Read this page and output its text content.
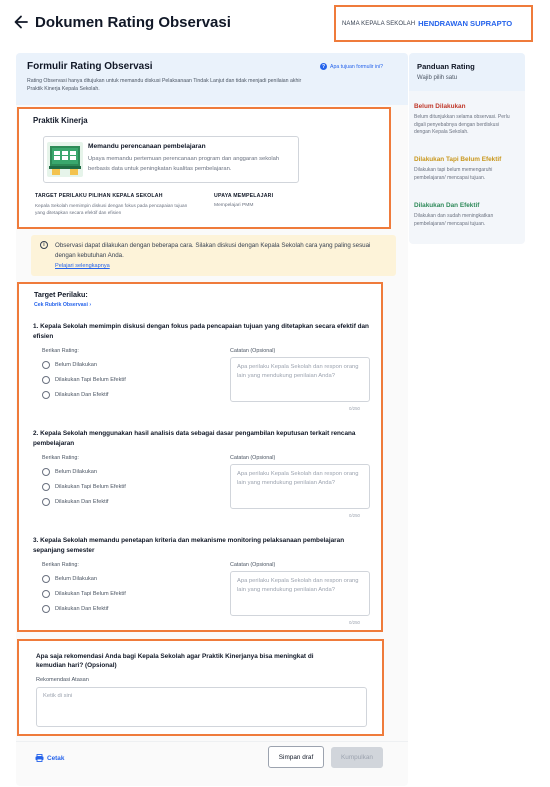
Dokumen Rating Observasi	NAMA KEPALA SEKOLAH HENDRAWAN SUPRAPTO
Formulir Rating Observasi
Rating Observasi hanya ditujukan untuk memandu diskusi Pelaksanaan Tindak Lanjut dan tidak menjadi penilaian akhir Praktik Kinerja Kepala Sekolah.
? Apa tujuan formulir ini?
Praktik Kinerja
Memandu perencanaan pembelajaran
Upaya memandu pertemuan perencanaan program dan anggaran sekolah berbasis data untuk peningkatan kualitas pembelajaran.
TARGET PERILAKU PILIHAN KEPALA SEKOLAH
Kepala Sekolah memimpin diskusi dengan fokus pada pencapaian tujuan yang ditetapkan secara efektif dan efisien
UPAYA MEMPELAJARI
Mempelajari PMM
i	Observasi dapat dilakukan dengan beberapa cara. Silakan diskusi dengan Kepala Sekolah cara yang paling sesuai dengan kebutuhan Anda.
Pelajari selengkapnya
Target Perilaku:
Cek Rubrik Observasi ›
1. Kepala Sekolah memimpin diskusi dengan fokus pada pencapaian tujuan yang ditetapkan secara efektif dan efisien
Berikan Rating:
Belum Dilakukan
Dilakukan Tapi Belum Efektif
Dilakukan Dan Efektif
Catatan (Opsional)
Apa perilaku Kepala Sekolah dan respon orang lain yang mendukung penilaian Anda?
0/250
2. Kepala Sekolah menggunakan hasil analisis data sebagai dasar pengambilan keputusan terkait rencana pembelajaran
Berikan Rating:
Belum Dilakukan
Dilakukan Tapi Belum Efektif
Dilakukan Dan Efektif
Catatan (Opsional)
Apa perilaku Kepala Sekolah dan respon orang lain yang mendukung penilaian Anda?
0/250
3. Kepala Sekolah memandu penetapan kriteria dan mekanisme monitoring pelaksanaan pembelajaran sepanjang semester
Berikan Rating:
Belum Dilakukan
Dilakukan Tapi Belum Efektif
Dilakukan Dan Efektif
Catatan (Opsional)
Apa perilaku Kepala Sekolah dan respon orang lain yang mendukung penilaian Anda?
0/250
Apa saja rekomendasi Anda bagi Kepala Sekolah agar Praktik Kinerjanya bisa meningkat di kemudian hari? (Opsional)
Rekomendasi Atasan
Ketik di sini
Cetak	Simpan draf	Kumpulkan
Panduan Rating
Wajib pilih satu
Belum Dilakukan
Belum ditunjukkan selama observasi. Perlu digali penyebabnya dengan berdiskusi dengan Kepala Sekolah.
Dilakukan Tapi Belum Efektif
Dilakukan tapi belum memengaruhi pembelajaran/ mencapai tujuan.
Dilakukan Dan Efektif
Dilakukan dan sudah meningkatkan pembelajaran/ mencapai tujuan.
